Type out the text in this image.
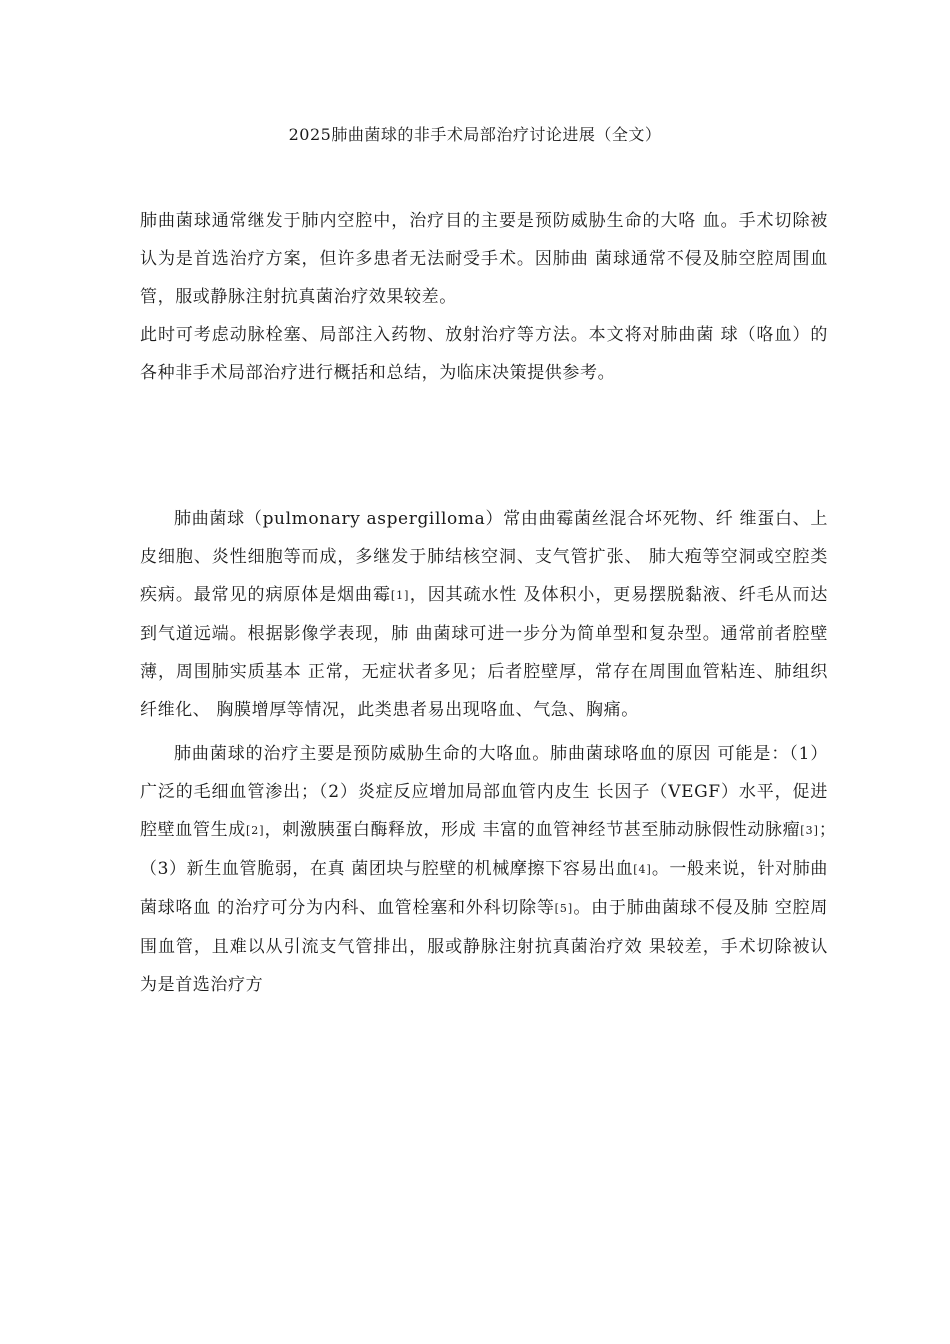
2025肺曲菌球的非手术局部治疗讨论进展（全文）

肺曲菌球通常继发于肺内空腔中，治疗目的主要是预防威胁生命的大咯 血。手术切除被认为是首选治疗方案，但许多患者无法耐受手术。因肺曲 菌球通常不侵及肺空腔周围血管，服或静脉注射抗真菌治疗效果较差。

此时可考虑动脉栓塞、局部注入药物、放射治疗等方法。本文将对肺曲菌 球（咯血）的各种非手术局部治疗进行概括和总结，为临床决策提供参考。

肺曲菌球（pulmonary aspergilloma）常由曲霉菌丝混合坏死物、纤 维蛋白、上皮细胞、炎性细胞等而成，多继发于肺结核空洞、支气管扩张、 肺大疱等空洞或空腔类疾病。最常见的病原体是烟曲霉[1]，因其疏水性 及体积小，更易摆脱黏液、纤毛从而达到气道远端。根据影像学表现，肺 曲菌球可进一步分为简单型和复杂型。通常前者腔壁薄，周围肺实质基本 正常，无症状者多见；后者腔壁厚，常存在周围血管粘连、肺组织纤维化、 胸膜增厚等情况，此类患者易出现咯血、气急、胸痛。

肺曲菌球的治疗主要是预防威胁生命的大咯血。肺曲菌球咯血的原因 可能是：（1）广泛的毛细血管渗出；（2）炎症反应增加局部血管内皮生 长因子（VEGF）水平，促进腔壁血管生成[2]，刺激胰蛋白酶释放，形成 丰富的血管神经节甚至肺动脉假性动脉瘤[3]；　（3）新生血管脆弱，在真 菌团块与腔壁的机械摩擦下容易出血[4]。一般来说，针对肺曲菌球咯血 的治疗可分为内科、血管栓塞和外科切除等[5]。由于肺曲菌球不侵及肺 空腔周围血管，且难以从引流支气管排出，服或静脉注射抗真菌治疗效 果较差，手术切除被认为是首选治疗方
